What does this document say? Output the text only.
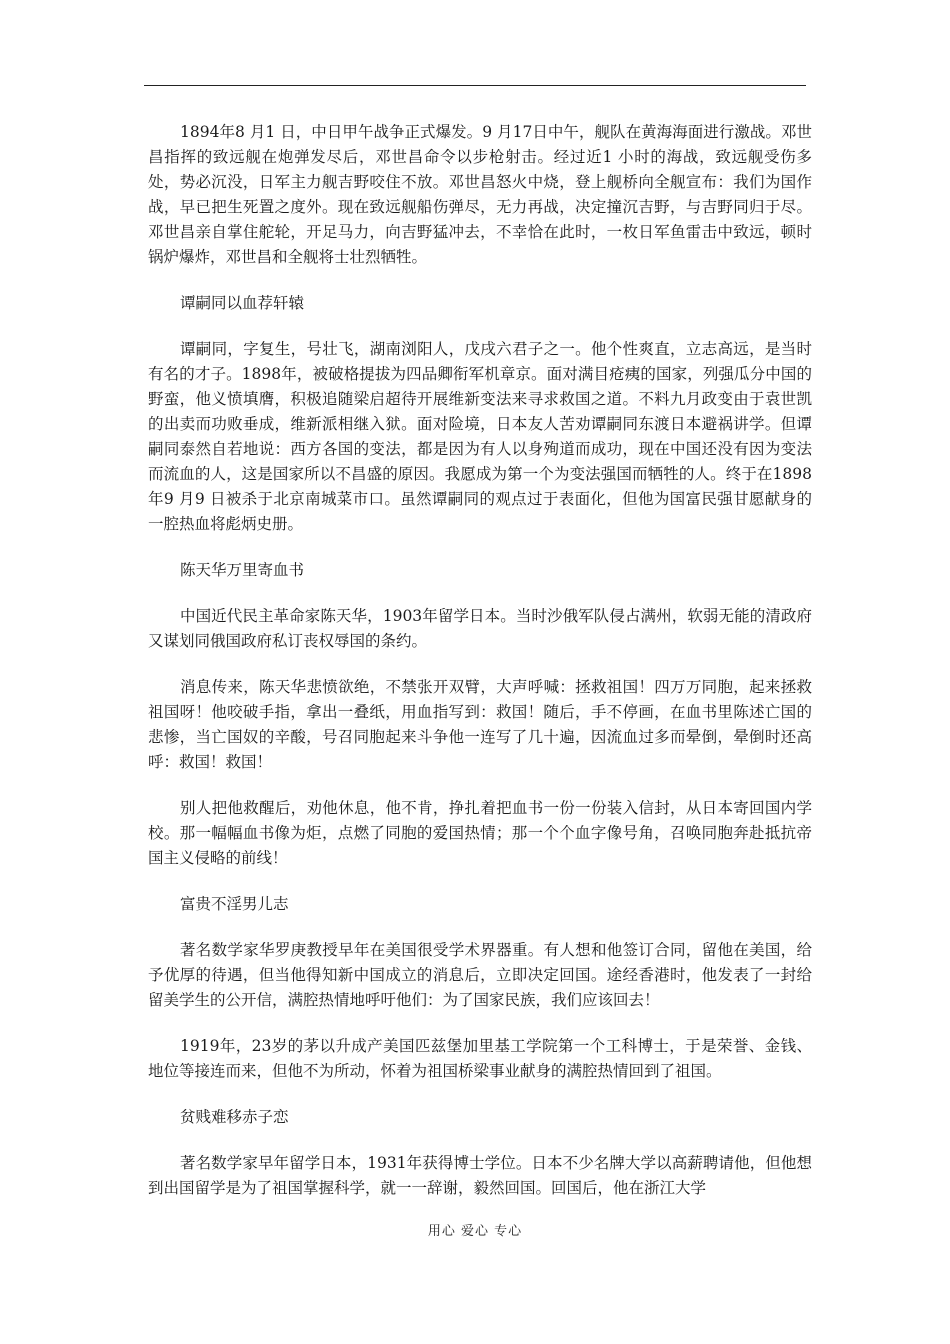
1894年8 月1 日，中日甲午战争正式爆发。9 月17日中午，舰队在黄海海面进行激战。邓世昌指挥的致远舰在炮弹发尽后，邓世昌命令以步枪射击。经过近1 小时的海战，致远舰受伤多处，势必沉没，日军主力舰吉野咬住不放。邓世昌怒火中烧，登上舰桥向全舰宣布：我们为国作战，早已把生死置之度外。现在致远舰船伤弹尽，无力再战，决定撞沉吉野，与吉野同归于尽。邓世昌亲自掌住舵轮，开足马力，向吉野猛冲去，不幸恰在此时，一枚日军鱼雷击中致远，顿时锅炉爆炸，邓世昌和全舰将士壮烈牺牲。

谭嗣同以血荐轩辕

谭嗣同，字复生，号壮飞，湖南浏阳人，戊戌六君子之一。他个性爽直，立志高远，是当时有名的才子。1898年，被破格提拔为四品卿衔军机章京。面对满目疮痍的国家，列强瓜分中国的野蛮，他义愤填膺，积极追随梁启超待开展维新变法来寻求救国之道。不料九月政变由于袁世凯的出卖而功败垂成，维新派相继入狱。面对险境，日本友人苦劝谭嗣同东渡日本避祸讲学。但谭嗣同泰然自若地说：西方各国的变法，都是因为有人以身殉道而成功，现在中国还没有因为变法而流血的人，这是国家所以不昌盛的原因。我愿成为第一个为变法强国而牺牲的人。终于在1898年9 月9 日被杀于北京南城菜市口。虽然谭嗣同的观点过于表面化，但他为国富民强甘愿献身的一腔热血将彪炳史册。

陈天华万里寄血书

中国近代民主革命家陈天华，1903年留学日本。当时沙俄军队侵占满州，软弱无能的清政府又谋划同俄国政府私订丧权辱国的条约。

消息传来，陈天华悲愤欲绝，不禁张开双臂，大声呼喊：拯救祖国！四万万同胞，起来拯救祖国呀！他咬破手指，拿出一叠纸，用血指写到：救国！随后，手不停画，在血书里陈述亡国的悲惨，当亡国奴的辛酸，号召同胞起来斗争他一连写了几十遍，因流血过多而晕倒，晕倒时还高呼：救国！救国！

别人把他救醒后，劝他休息，他不肯，挣扎着把血书一份一份装入信封，从日本寄回国内学校。那一幅幅血书像为炬，点燃了同胞的爱国热情；那一个个血字像号角，召唤同胞奔赴抵抗帝国主义侵略的前线！

富贵不淫男儿志

著名数学家华罗庚教授早年在美国很受学术界器重。有人想和他签订合同，留他在美国，给予优厚的待遇，但当他得知新中国成立的消息后，立即决定回国。途经香港时，他发表了一封给留美学生的公开信，满腔热情地呼吁他们：为了国家民族，我们应该回去！

1919年，23岁的茅以升成产美国匹兹堡加里基工学院第一个工科博士，于是荣誉、金钱、地位等接连而来，但他不为所动，怀着为祖国桥梁事业献身的满腔热情回到了祖国。

贫贱难移赤子恋

著名数学家早年留学日本，1931年获得博士学位。日本不少名牌大学以高薪聘请他，但他想到出国留学是为了祖国掌握科学，就一一辞谢，毅然回国。回国后，他在浙江大学

用心 爱心 专心
